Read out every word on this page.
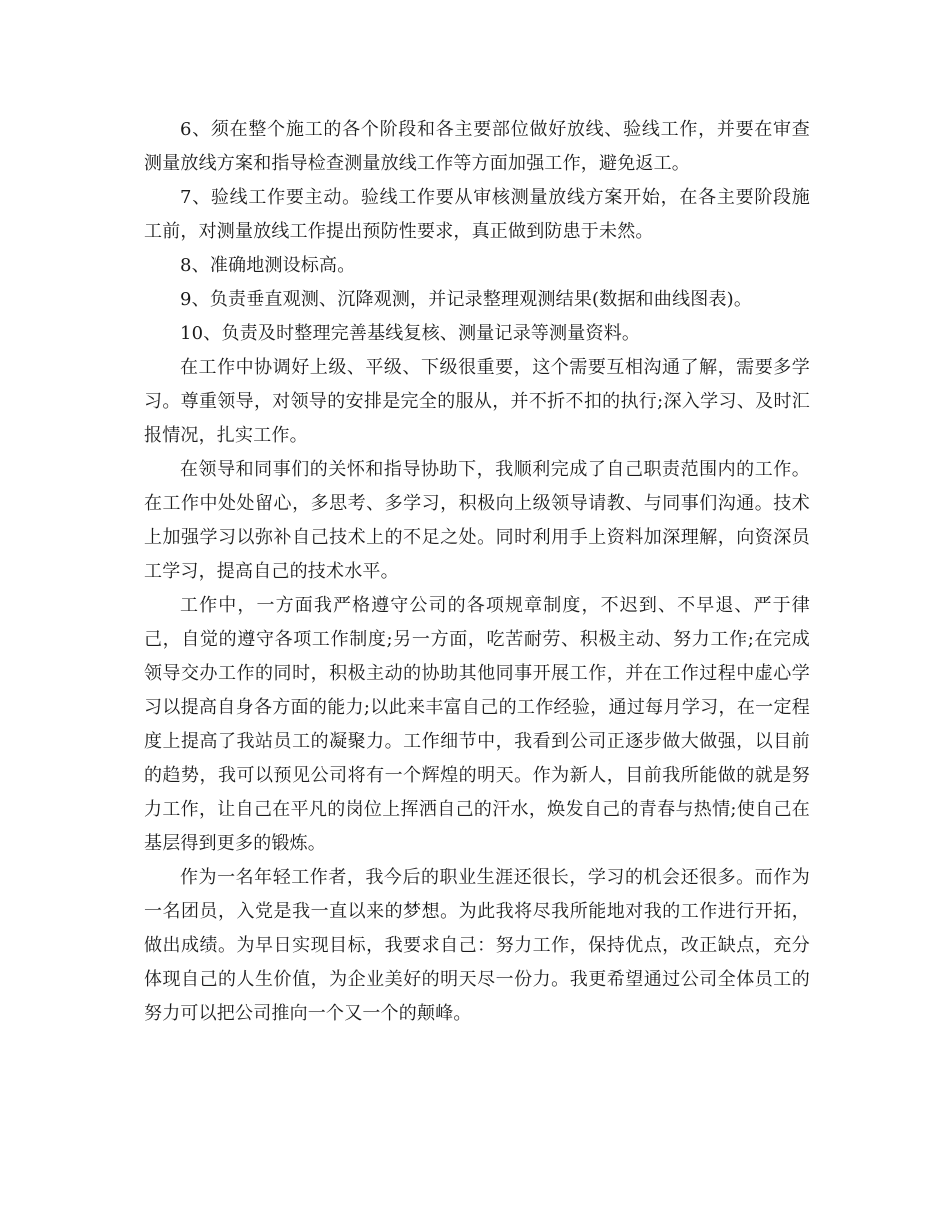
6、须在整个施工的各个阶段和各主要部位做好放线、验线工作，并要在审查测量放线方案和指导检查测量放线工作等方面加强工作，避免返工。

7、验线工作要主动。验线工作要从审核测量放线方案开始，在各主要阶段施工前，对测量放线工作提出预防性要求，真正做到防患于未然。

8、准确地测设标高。

9、负责垂直观测、沉降观测，并记录整理观测结果(数据和曲线图表)。

10、负责及时整理完善基线复核、测量记录等测量资料。

在工作中协调好上级、平级、下级很重要，这个需要互相沟通了解，需要多学习。尊重领导，对领导的安排是完全的服从，并不折不扣的执行;深入学习、及时汇报情况，扎实工作。

在领导和同事们的关怀和指导协助下，我顺利完成了自己职责范围内的工作。在工作中处处留心，多思考、多学习，积极向上级领导请教、与同事们沟通。技术上加强学习以弥补自己技术上的不足之处。同时利用手上资料加深理解，向资深员工学习，提高自己的技术水平。

工作中，一方面我严格遵守公司的各项规章制度，不迟到、不早退、严于律己，自觉的遵守各项工作制度;另一方面，吃苦耐劳、积极主动、努力工作;在完成领导交办工作的同时，积极主动的协助其他同事开展工作，并在工作过程中虚心学习以提高自身各方面的能力;以此来丰富自己的工作经验，通过每月学习，在一定程度上提高了我站员工的凝聚力。工作细节中，我看到公司正逐步做大做强，以目前的趋势，我可以预见公司将有一个辉煌的明天。作为新人，目前我所能做的就是努力工作，让自己在平凡的岗位上挥洒自己的汗水，焕发自己的青春与热情;使自己在基层得到更多的锻炼。

作为一名年轻工作者，我今后的职业生涯还很长，学习的机会还很多。而作为一名团员，入党是我一直以来的梦想。为此我将尽我所能地对我的工作进行开拓，做出成绩。为早日实现目标，我要求自己：努力工作，保持优点，改正缺点，充分体现自己的人生价值，为企业美好的明天尽一份力。我更希望通过公司全体员工的努力可以把公司推向一个又一个的颠峰。
